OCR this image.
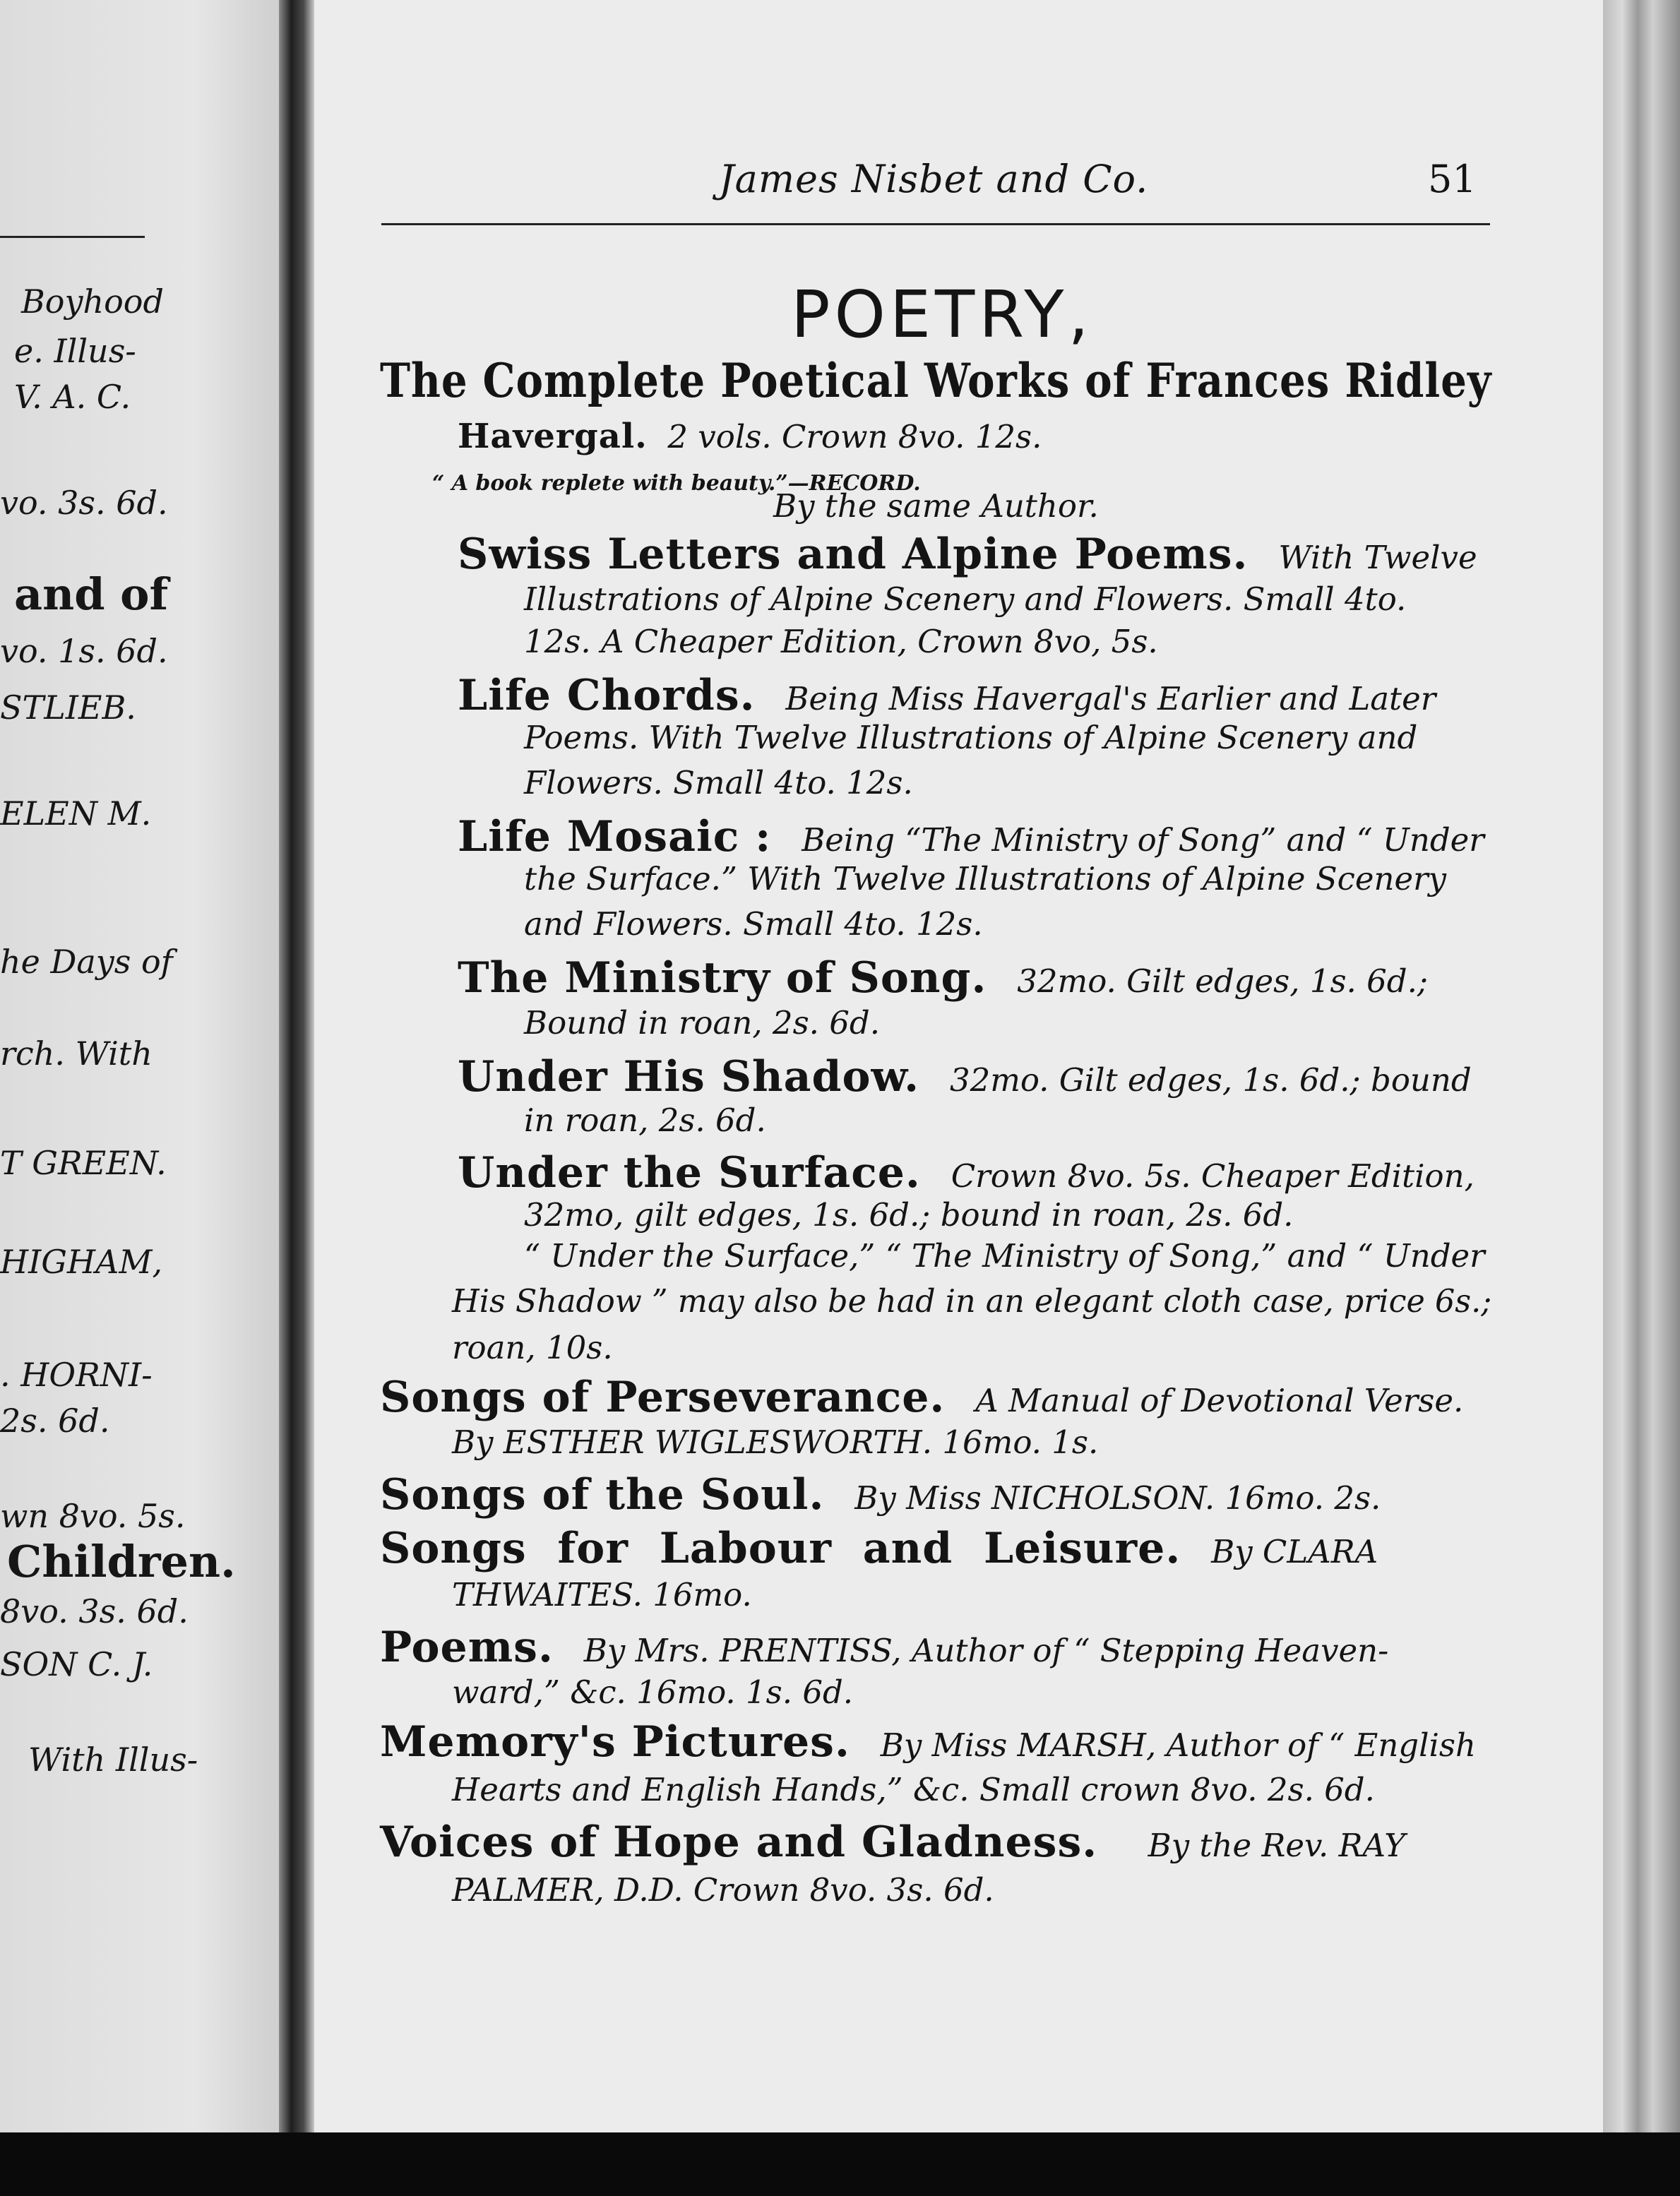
Boyhood
e. Illus-
V. A. C.
vo. 3s. 6d.
and of
vo. 1s. 6d.
STLIEB.
ELEN M.
he Days of
rch. With
T GREEN.
HIGHAM,
. HORNI-
2s. 6d.
wn 8vo. 5s.
Children.
8vo. 3s. 6d.
SON C. J.
With Illus-
James Nisbet and Co.	51
POETRY,
The Complete Poetical Works of Frances Ridley
Havergal. 2 vols. Crown 8vo. 12s.
“ A book replete with beauty.”—RECORD.
By the same Author.
Swiss Letters and Alpine Poems. With Twelve
Illustrations of Alpine Scenery and Flowers. Small 4to.
12s. A Cheaper Edition, Crown 8vo, 5s.
Life Chords. Being Miss Havergal's Earlier and Later
Poems. With Twelve Illustrations of Alpine Scenery and
Flowers. Small 4to. 12s.
Life Mosaic : Being “The Ministry of Song” and “ Under
the Surface.” With Twelve Illustrations of Alpine Scenery
and Flowers. Small 4to. 12s.
The Ministry of Song. 32mo. Gilt edges, 1s. 6d.;
Bound in roan, 2s. 6d.
Under His Shadow. 32mo. Gilt edges, 1s. 6d.; bound
in roan, 2s. 6d.
Under the Surface. Crown 8vo. 5s. Cheaper Edition,
32mo, gilt edges, 1s. 6d.; bound in roan, 2s. 6d.
“ Under the Surface,” “ The Ministry of Song,” and “ Under
His Shadow ” may also be had in an elegant cloth case, price 6s.;
roan, 10s.
Songs of Perseverance. A Manual of Devotional Verse.
By ESTHER WIGLESWORTH. 16mo. 1s.
Songs of the Soul. By Miss NICHOLSON. 16mo. 2s.
Songs  for  Labour  and  Leisure. By CLARA
THWAITES. 16mo.
Poems. By Mrs. PRENTISS, Author of “ Stepping Heaven-
ward,” &c. 16mo. 1s. 6d.
Memory's Pictures. By Miss MARSH, Author of “ English
Hearts and English Hands,” &c. Small crown 8vo. 2s. 6d.
Voices of Hope and Gladness. By the Rev. RAY
PALMER, D.D. Crown 8vo. 3s. 6d.
